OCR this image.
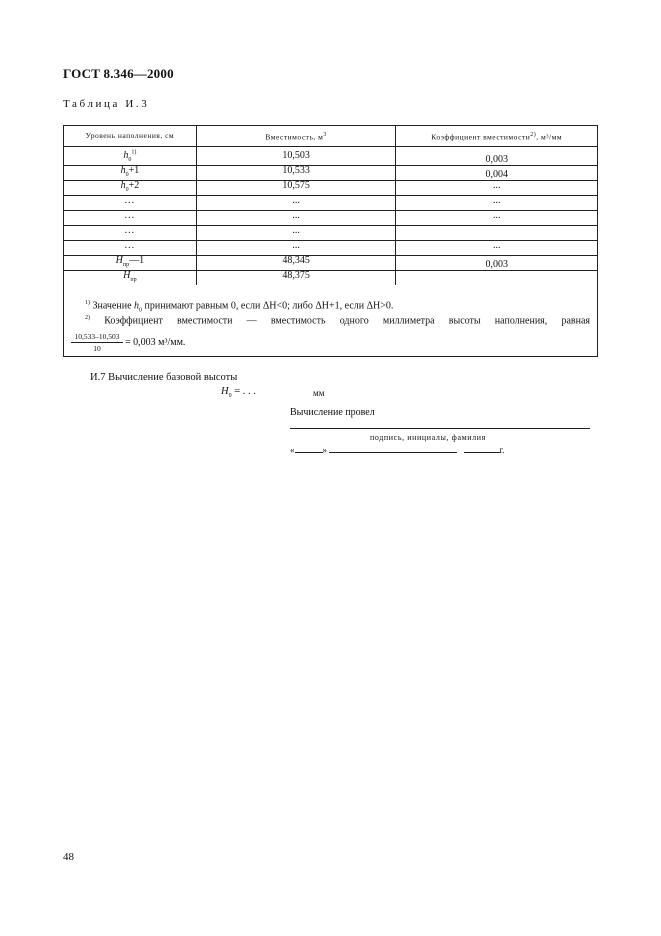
ГОСТ 8.346—2000
Таблица И.3
Уровень наполнения, см	Вместимость, м$^3$	Коэффициент вместимости$^{2)}$, м³/мм

$h_0^{1)}$	10,503	0,003
$h_0+1$	10,533	0,004
$h_0+2$	10,575	...
...	...	...
...	...	...
...	...	
...	...	...
$H_{пр}—1$	48,345	0,003
$H_{пр}$	48,375	
$^{1)}$ Значение $h_0$ принимают равным 0, если ΔH<0; либо ΔH+1, если ΔH>0.
$^{2)}$ Коэффициент вместимости — вместимость одного миллиметра высоты наполнения, равная
10,533–10,503
10
= 0,003 м³/мм.
И.7 Вычисление базовой высоты
$H_0$ = . . .	мм
Вычисление провел
подпись, инициалы, фамилия
«	»	г.
48
